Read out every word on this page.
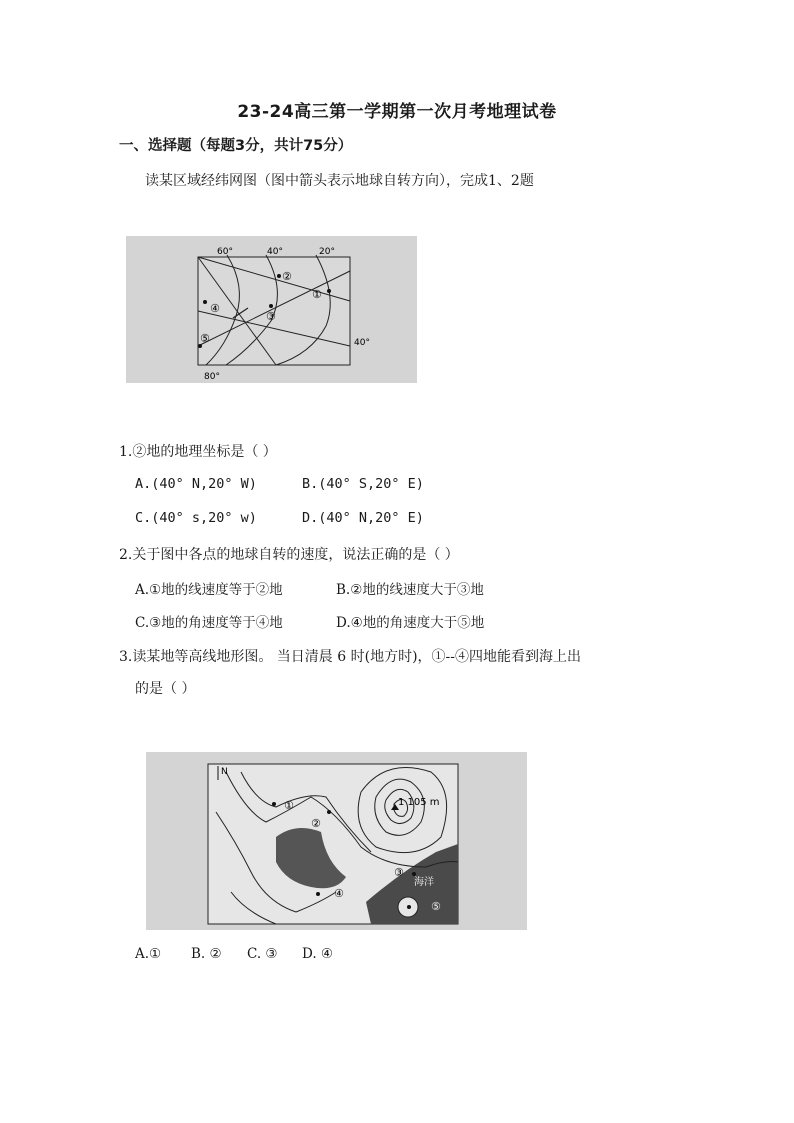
23-24高三第一学期第一次月考地理试卷
一、选择题（每题3分，共计75分）
读某区域经纬网图（图中箭头表示地球自转方向），完成1、2题
60°	40°	20°
40°
80°
②
①
④
③
⑤
1.②地的地理坐标是（ ）
A.(40° N,20° W)	B.(40° S,20° E)
C.(40° s,20° w)	D.(40° N,20° E)
2.关于图中各点的地球自转的速度，说法正确的是（ ）
A.①地的线速度等于②地	B.②地的线速度大于③地
C.③地的角速度等于④地	D.④地的角速度大于⑤地
3.读某地等高线地形图。 当日清晨 6 时(地方时)，①--④四地能看到海上出
的是（ ）
N
1 105 m
海洋
①
②
③
④
⑤
A.① B. ② C. ③ D. ④
